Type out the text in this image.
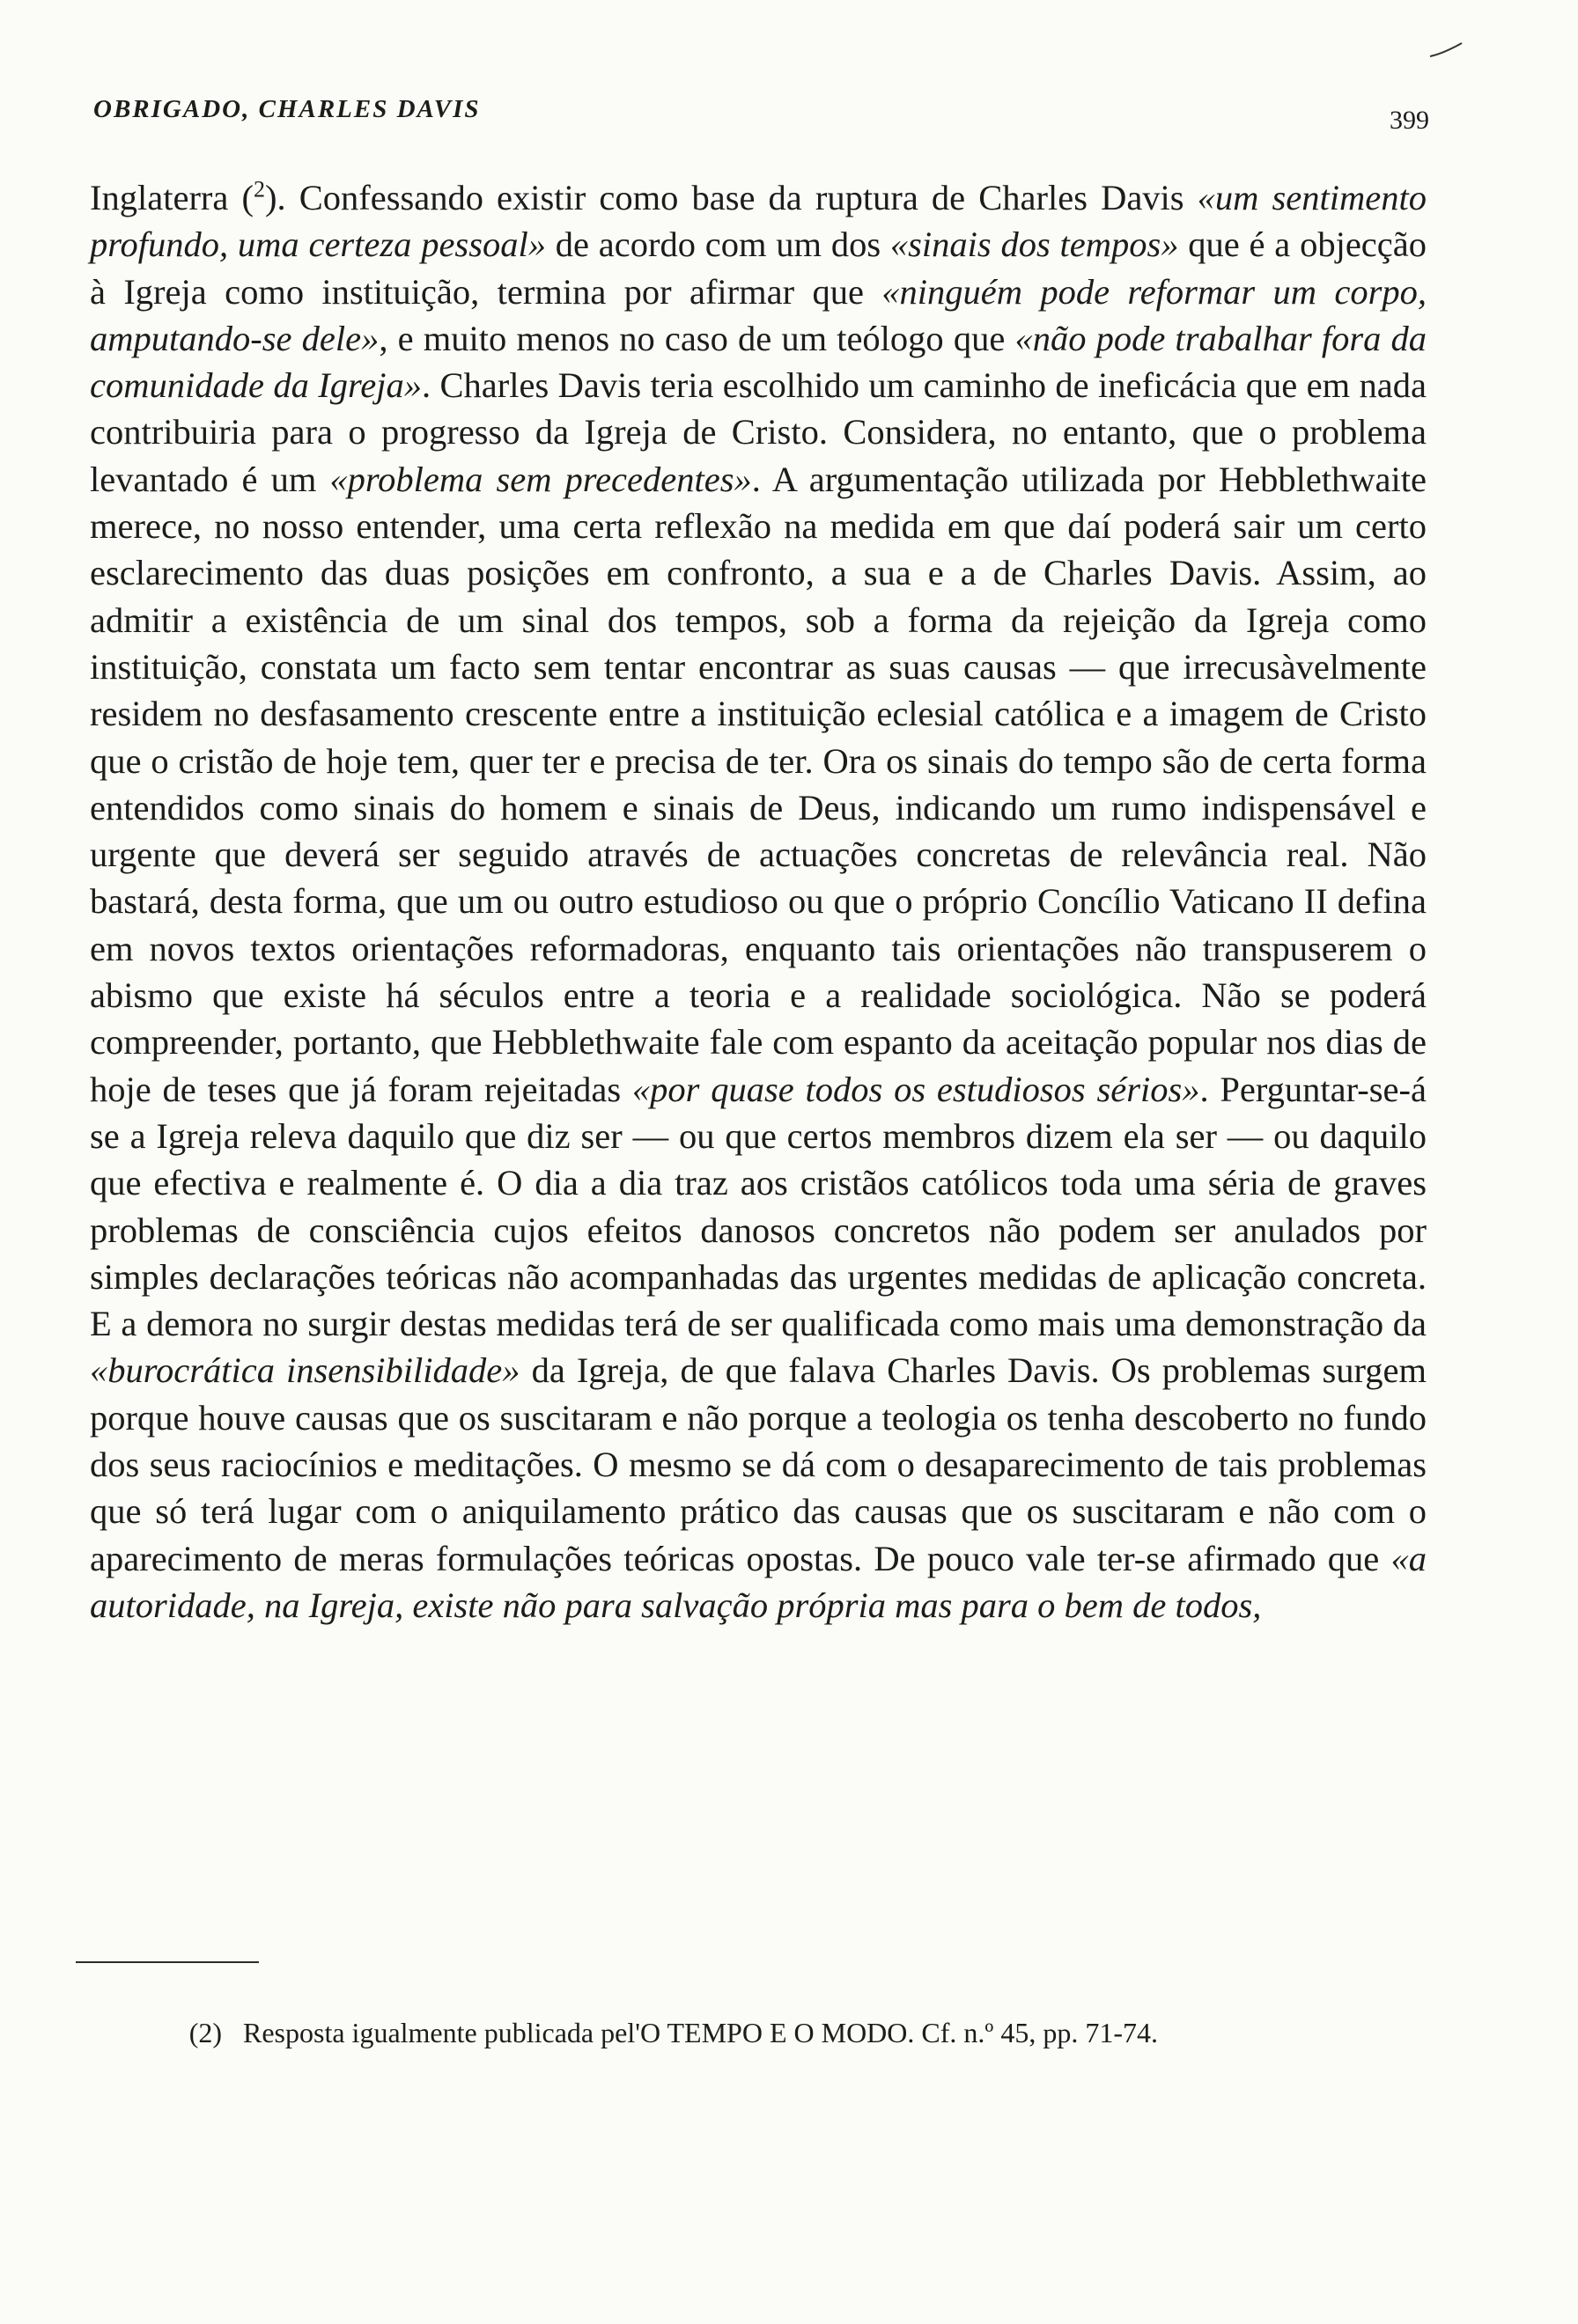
OBRIGADO, CHARLES DAVIS	399

Inglaterra ($^2$). Confessando existir como base da ruptura de Charles Davis «um sentimento profundo, uma certeza pessoal» de acordo com um dos «sinais dos tempos» que é a objecção à Igreja como instituição, termina por afirmar que «ninguém pode reformar um corpo, amputando-se dele», e muito menos no caso de um teólogo que «não pode trabalhar fora da comunidade da Igreja». Charles Davis teria escolhido um caminho de ineficácia que em nada contribuiria para o progresso da Igreja de Cristo. Considera, no entanto, que o problema levantado é um «problema sem precedentes». A argumentação utilizada por Hebblethwaite merece, no nosso entender, uma certa reflexão na medida em que daí poderá sair um certo esclarecimento das duas posições em confronto, a sua e a de Charles Davis. Assim, ao admitir a existência de um sinal dos tempos, sob a forma da rejeição da Igreja como instituição, constata um facto sem tentar encontrar as suas causas — que irrecusàvelmente residem no desfasamento crescente entre a instituição eclesial católica e a imagem de Cristo que o cristão de hoje tem, quer ter e precisa de ter. Ora os sinais do tempo são de certa forma entendidos como sinais do homem e sinais de Deus, indicando um rumo indispensável e urgente que deverá ser seguido através de actuações concretas de relevância real. Não bastará, desta forma, que um ou outro estudioso ou que o próprio Concílio Vaticano II defina em novos textos orientações reformadoras, enquanto tais orientações não transpuserem o abismo que existe há séculos entre a teoria e a realidade sociológica. Não se poderá compreender, portanto, que Hebblethwaite fale com espanto da aceitação popular nos dias de hoje de teses que já foram rejeitadas «por quase todos os estudiosos sérios». Perguntar-se-á se a Igreja releva daquilo que diz ser — ou que certos membros dizem ela ser — ou daquilo que efectiva e realmente é. O dia a dia traz aos cristãos católicos toda uma séria de graves problemas de consciência cujos efeitos danosos concretos não podem ser anulados por simples declarações teóricas não acompanhadas das urgentes medidas de aplicação concreta. E a demora no surgir destas medidas terá de ser qualificada como mais uma demonstração da «burocrática insensibilidade» da Igreja, de que falava Charles Davis. Os problemas surgem porque houve causas que os suscitaram e não porque a teologia os tenha descoberto no fundo dos seus raciocínios e meditações. O mesmo se dá com o desaparecimento de tais problemas que só terá lugar com o aniquilamento prático das causas que os suscitaram e não com o aparecimento de meras formulações teóricas opostas. De pouco vale ter-se afirmado que «a autoridade, na Igreja, existe não para salvação própria mas para o bem de todos,

(2) Resposta igualmente publicada pel'O TEMPO E O MODO. Cf. n.º 45, pp. 71-74.
